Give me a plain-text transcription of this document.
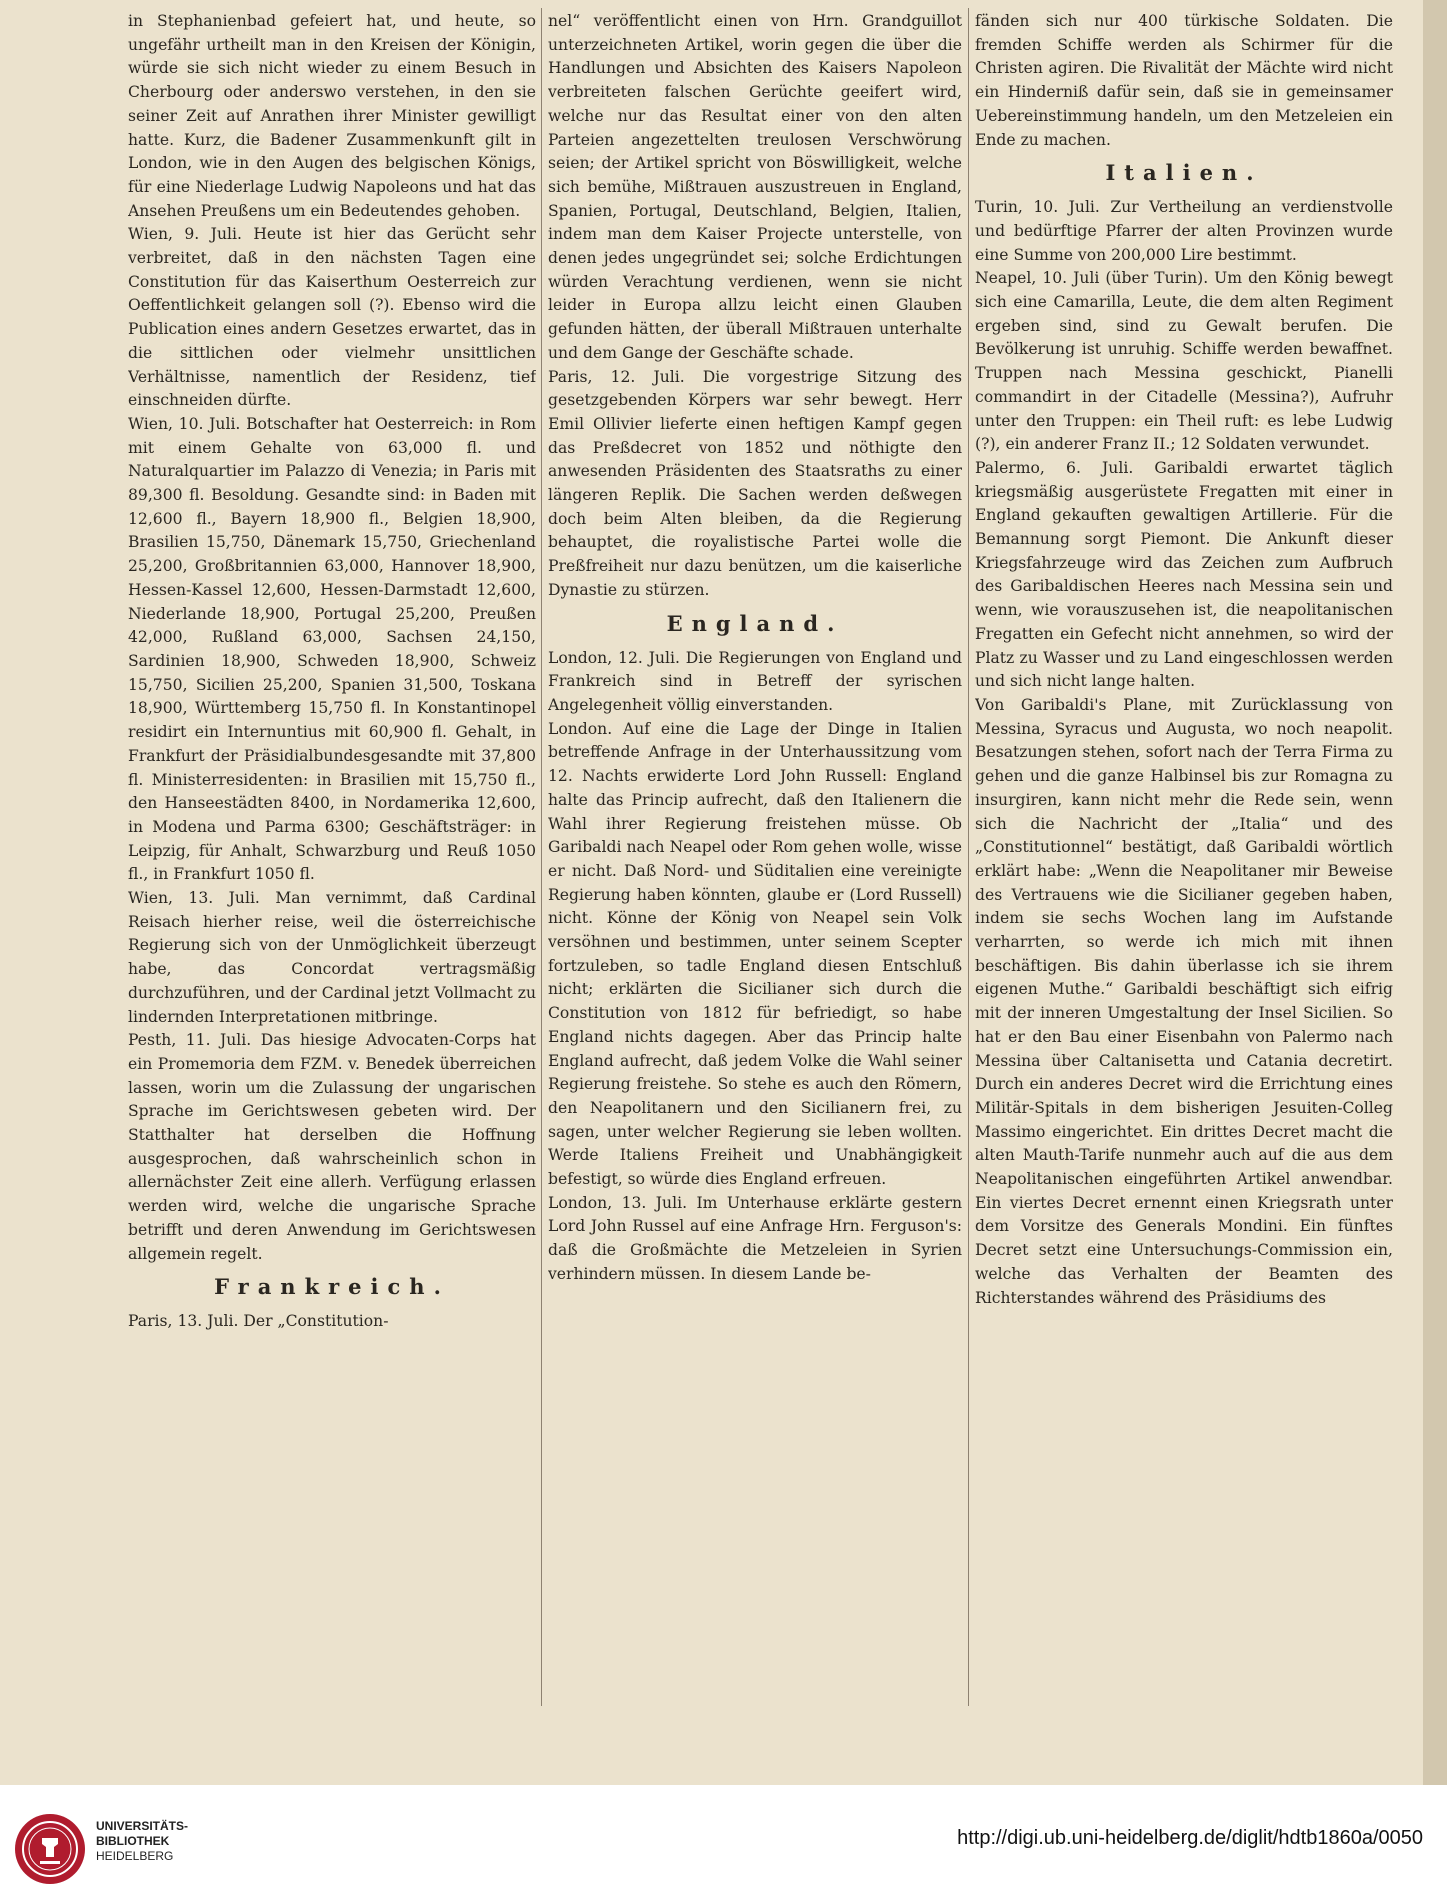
in Stephanienbad gefeiert hat, und heute, so ungefähr urtheilt man in den Kreisen der Königin, würde sie sich nicht wieder zu einem Besuch in Cherbourg oder anderswo verstehen, in den sie seiner Zeit auf Anrathen ihrer Minister gewilligt hatte. Kurz, die Badener Zusammenkunft gilt in London, wie in den Augen des belgischen Königs, für eine Niederlage Ludwig Napoleons und hat das Ansehen Preußens um ein Bedeutendes gehoben.

Wien, 9. Juli. Heute ist hier das Gerücht sehr verbreitet, daß in den nächsten Tagen eine Constitution für das Kaiserthum Oesterreich zur Oeffentlichkeit gelangen soll (?). Ebenso wird die Publication eines andern Gesetzes erwartet, das in die sittlichen oder vielmehr unsittlichen Verhältnisse, namentlich der Residenz, tief einschneiden dürfte.

Wien, 10. Juli. Botschafter hat Oesterreich: in Rom mit einem Gehalte von 63,000 fl. und Naturalquartier im Palazzo di Venezia; in Paris mit 89,300 fl. Besoldung. Gesandte sind: in Baden mit 12,600 fl., Bayern 18,900 fl., Belgien 18,900, Brasilien 15,750, Dänemark 15,750, Griechenland 25,200, Großbritannien 63,000, Hannover 18,900, Hessen-Kassel 12,600, Hessen-Darmstadt 12,600, Niederlande 18,900, Portugal 25,200, Preußen 42,000, Rußland 63,000, Sachsen 24,150, Sardinien 18,900, Schweden 18,900, Schweiz 15,750, Sicilien 25,200, Spanien 31,500, Toskana 18,900, Württemberg 15,750 fl. In Konstantinopel residirt ein Internuntius mit 60,900 fl. Gehalt, in Frankfurt der Präsidialbundesgesandte mit 37,800 fl. Ministerresidenten: in Brasilien mit 15,750 fl., den Hanseestädten 8400, in Nordamerika 12,600, in Modena und Parma 6300; Geschäftsträger: in Leipzig, für Anhalt, Schwarzburg und Reuß 1050 fl., in Frankfurt 1050 fl.

Wien, 13. Juli. Man vernimmt, daß Cardinal Reisach hierher reise, weil die österreichische Regierung sich von der Unmöglichkeit überzeugt habe, das Concordat vertragsmäßig durchzuführen, und der Cardinal jetzt Vollmacht zu lindernden Interpretationen mitbringe.

Pesth, 11. Juli. Das hiesige Advocaten-Corps hat ein Promemoria dem FZM. v. Benedek überreichen lassen, worin um die Zulassung der ungarischen Sprache im Gerichtswesen gebeten wird. Der Statthalter hat derselben die Hoffnung ausgesprochen, daß wahrscheinlich schon in allernächster Zeit eine allerh. Verfügung erlassen werden wird, welche die ungarische Sprache betrifft und deren Anwendung im Gerichtswesen allgemein regelt.

Frankreich.

Paris, 13. Juli. Der „Constitution-

nel“ veröffentlicht einen von Hrn. Grandguillot unterzeichneten Artikel, worin gegen die über die Handlungen und Absichten des Kaisers Napoleon verbreiteten falschen Gerüchte geeifert wird, welche nur das Resultat einer von den alten Parteien angezettelten treulosen Verschwörung seien; der Artikel spricht von Böswilligkeit, welche sich bemühe, Mißtrauen auszustreuen in England, Spanien, Portugal, Deutschland, Belgien, Italien, indem man dem Kaiser Projecte unterstelle, von denen jedes ungegründet sei; solche Erdichtungen würden Verachtung verdienen, wenn sie nicht leider in Europa allzu leicht einen Glauben gefunden hätten, der überall Mißtrauen unterhalte und dem Gange der Geschäfte schade.

Paris, 12. Juli. Die vorgestrige Sitzung des gesetzgebenden Körpers war sehr bewegt. Herr Emil Ollivier lieferte einen heftigen Kampf gegen das Preßdecret von 1852 und nöthigte den anwesenden Präsidenten des Staatsraths zu einer längeren Replik. Die Sachen werden deßwegen doch beim Alten bleiben, da die Regierung behauptet, die royalistische Partei wolle die Preßfreiheit nur dazu benützen, um die kaiserliche Dynastie zu stürzen.

England.

London, 12. Juli. Die Regierungen von England und Frankreich sind in Betreff der syrischen Angelegenheit völlig einverstanden.

London. Auf eine die Lage der Dinge in Italien betreffende Anfrage in der Unterhaussitzung vom 12. Nachts erwiderte Lord John Russell: England halte das Princip aufrecht, daß den Italienern die Wahl ihrer Regierung freistehen müsse. Ob Garibaldi nach Neapel oder Rom gehen wolle, wisse er nicht. Daß Nord- und Süditalien eine vereinigte Regierung haben könnten, glaube er (Lord Russell) nicht. Könne der König von Neapel sein Volk versöhnen und bestimmen, unter seinem Scepter fortzuleben, so tadle England diesen Entschluß nicht; erklärten die Sicilianer sich durch die Constitution von 1812 für befriedigt, so habe England nichts dagegen. Aber das Princip halte England aufrecht, daß jedem Volke die Wahl seiner Regierung freistehe. So stehe es auch den Römern, den Neapolitanern und den Sicilianern frei, zu sagen, unter welcher Regierung sie leben wollten. Werde Italiens Freiheit und Unabhängigkeit befestigt, so würde dies England erfreuen.

London, 13. Juli. Im Unterhause erklärte gestern Lord John Russel auf eine Anfrage Hrn. Ferguson's: daß die Großmächte die Metzeleien in Syrien verhindern müssen. In diesem Lande be-

fänden sich nur 400 türkische Soldaten. Die fremden Schiffe werden als Schirmer für die Christen agiren. Die Rivalität der Mächte wird nicht ein Hinderniß dafür sein, daß sie in gemeinsamer Uebereinstimmung handeln, um den Metzeleien ein Ende zu machen.

Italien.

Turin, 10. Juli. Zur Vertheilung an verdienstvolle und bedürftige Pfarrer der alten Provinzen wurde eine Summe von 200,000 Lire bestimmt.

Neapel, 10. Juli (über Turin). Um den König bewegt sich eine Camarilla, Leute, die dem alten Regiment ergeben sind, sind zu Gewalt berufen. Die Bevölkerung ist unruhig. Schiffe werden bewaffnet. Truppen nach Messina geschickt, Pianelli commandirt in der Citadelle (Messina?), Aufruhr unter den Truppen: ein Theil ruft: es lebe Ludwig (?), ein anderer Franz II.; 12 Soldaten verwundet.

Palermo, 6. Juli. Garibaldi erwartet täglich kriegsmäßig ausgerüstete Fregatten mit einer in England gekauften gewaltigen Artillerie. Für die Bemannung sorgt Piemont. Die Ankunft dieser Kriegsfahrzeuge wird das Zeichen zum Aufbruch des Garibaldischen Heeres nach Messina sein und wenn, wie vorauszusehen ist, die neapolitanischen Fregatten ein Gefecht nicht annehmen, so wird der Platz zu Wasser und zu Land eingeschlossen werden und sich nicht lange halten.

Von Garibaldi's Plane, mit Zurücklassung von Messina, Syracus und Augusta, wo noch neapolit. Besatzungen stehen, sofort nach der Terra Firma zu gehen und die ganze Halbinsel bis zur Romagna zu insurgiren, kann nicht mehr die Rede sein, wenn sich die Nachricht der „Italia“ und des „Constitutionnel“ bestätigt, daß Garibaldi wörtlich erklärt habe: „Wenn die Neapolitaner mir Beweise des Vertrauens wie die Sicilianer gegeben haben, indem sie sechs Wochen lang im Aufstande verharrten, so werde ich mich mit ihnen beschäftigen. Bis dahin überlasse ich sie ihrem eigenen Muthe.“ Garibaldi beschäftigt sich eifrig mit der inneren Umgestaltung der Insel Sicilien. So hat er den Bau einer Eisenbahn von Palermo nach Messina über Caltanisetta und Catania decretirt. Durch ein anderes Decret wird die Errichtung eines Militär-Spitals in dem bisherigen Jesuiten-Colleg Massimo eingerichtet. Ein drittes Decret macht die alten Mauth-Tarife nunmehr auch auf die aus dem Neapolitanischen eingeführten Artikel anwendbar. Ein viertes Decret ernennt einen Kriegsrath unter dem Vorsitze des Generals Mondini. Ein fünftes Decret setzt eine Untersuchungs-Commission ein, welche das Verhalten der Beamten des Richterstandes während des Präsidiums des

UNIVERSITÄTS-
BIBLIOTHEK
HEIDELBERG
http://digi.ub.uni-heidelberg.de/diglit/hdtb1860a/0050
